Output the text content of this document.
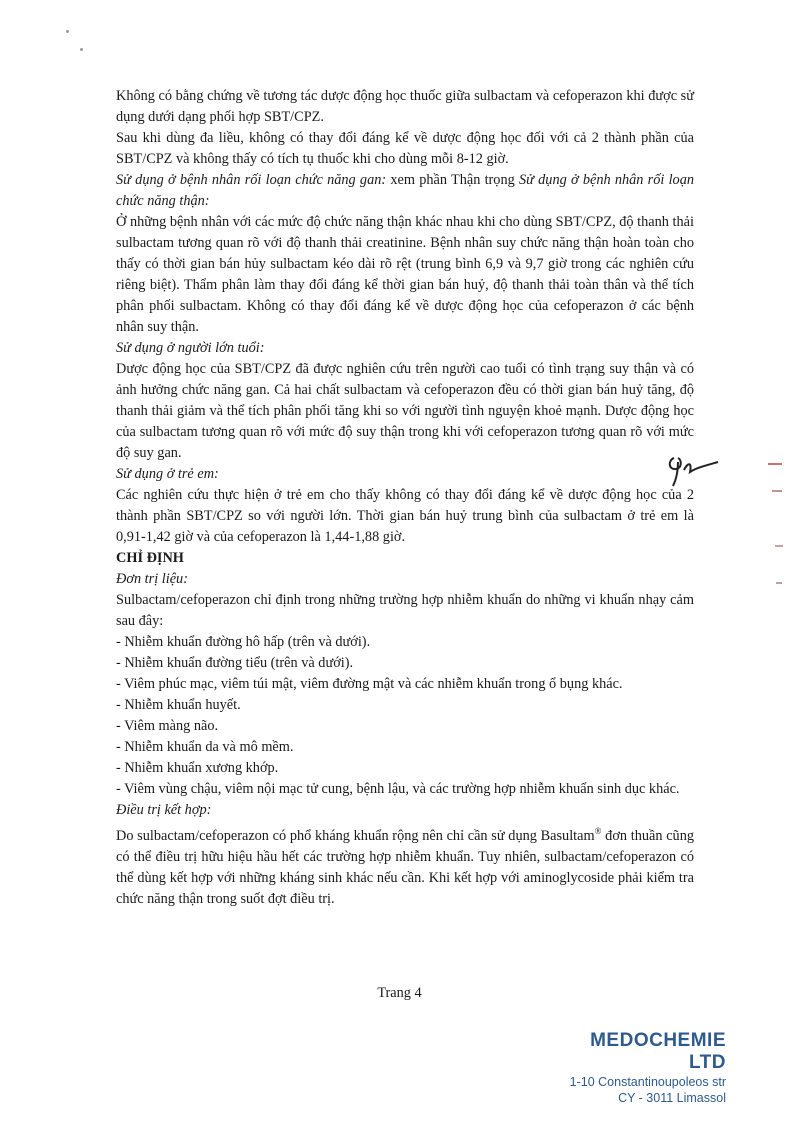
Không có bằng chứng về tương tác dược động học thuốc giữa sulbactam và cefoperazon khi được sử dụng dưới dạng phối hợp SBT/CPZ.

Sau khi dùng đa liều, không có thay đổi đáng kể về dược động học đối với cả 2 thành phần của SBT/CPZ và không thấy có tích tụ thuốc khi cho dùng mỗi 8-12 giờ.

Sử dụng ở bệnh nhân rối loạn chức năng gan: xem phần Thận trọng Sử dụng ở bệnh nhân rối loạn chức năng thận:

Ở những bệnh nhân với các mức độ chức năng thận khác nhau khi cho dùng SBT/CPZ, độ thanh thải sulbactam tương quan rõ với độ thanh thải creatinine. Bệnh nhân suy chức năng thận hoàn toàn cho thấy có thời gian bán hủy sulbactam kéo dài rõ rệt (trung bình 6,9 và 9,7 giờ trong các nghiên cứu riêng biệt). Thẩm phân làm thay đổi đáng kể thời gian bán huỷ, độ thanh thải toàn thân và thể tích phân phối sulbactam. Không có thay đổi đáng kể về dược động học của cefoperazon ở các bệnh nhân suy thận.

Sử dụng ở người lớn tuổi:

Dược động học của SBT/CPZ đã được nghiên cứu trên người cao tuổi có tình trạng suy thận và có ảnh hưởng chức năng gan. Cả hai chất sulbactam và cefoperazon đều có thời gian bán huỷ tăng, độ thanh thải giảm và thể tích phân phối tăng khi so với người tình nguyện khoẻ mạnh. Dược động học của sulbactam tương quan rõ với mức độ suy thận trong khi với cefoperazon tương quan rõ với mức độ suy gan.

Sử dụng ở trẻ em:

Các nghiên cứu thực hiện ở trẻ em cho thấy không có thay đổi đáng kể về dược động học của 2 thành phần SBT/CPZ so với người lớn. Thời gian bán huỷ trung bình của sulbactam ở trẻ em là 0,91-1,42 giờ và của cefoperazon là 1,44-1,88 giờ.

CHỈ ĐỊNH

Đơn trị liệu:

Sulbactam/cefoperazon chỉ định trong những trường hợp nhiễm khuẩn do những vi khuẩn nhạy cảm sau đây:

- Nhiễm khuẩn đường hô hấp (trên và dưới).

- Nhiễm khuẩn đường tiểu (trên và dưới).

- Viêm phúc mạc, viêm túi mật, viêm đường mật và các nhiễm khuẩn trong ổ bụng khác.

- Nhiễm khuẩn huyết.

- Viêm màng não.

- Nhiễm khuẩn da và mô mềm.

- Nhiễm khuẩn xương khớp.

- Viêm vùng chậu, viêm nội mạc tử cung, bệnh lậu, và các trường hợp nhiễm khuẩn sinh dục khác.

Điều trị kết hợp:

Do sulbactam/cefoperazon có phổ kháng khuẩn rộng nên chỉ cần sử dụng Basultam® đơn thuần cũng có thể điều trị hữu hiệu hầu hết các trường hợp nhiễm khuẩn. Tuy nhiên, sulbactam/cefoperazon có thể dùng kết hợp với những kháng sinh khác nếu cần. Khi kết hợp với aminoglycoside phải kiểm tra chức năng thận trong suốt đợt điều trị.

Trang 4
MEDOCHEMIE LTD
1-10 Constantinoupoleos str
CY - 3011 Limassol
